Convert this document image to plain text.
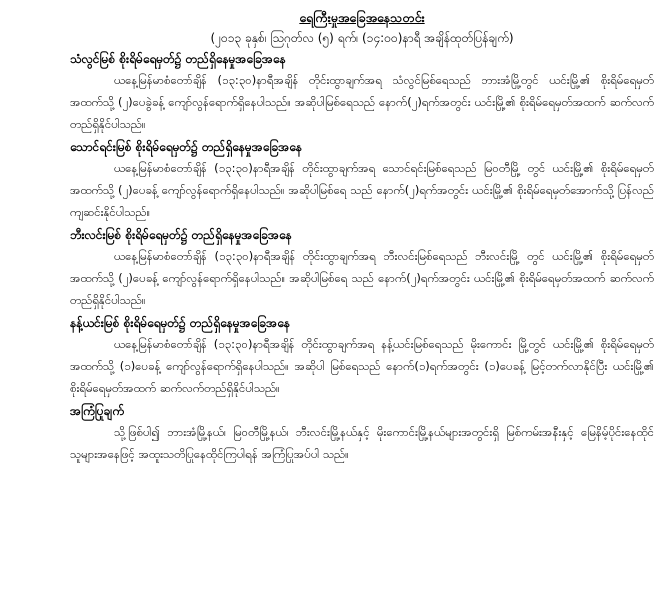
ရေကြီးမှုအခြေအနေသတင်း
(၂၀၁၃ ခုနှစ်၊ ဩဂုတ်လ (၅) ရက်၊ (၁၄:၀၀)နာရီ အချိန်ထုတ်ပြန်ချက်)
သံလွင်မြစ် စိုးရိမ်ရေမှတ်၌ တည်ရှိနေမှုအခြေအနေ
ယနေ့မြန်မာစံတော်ချိန် (၁၃:၃၀)နာရီအချိန် တိုင်းထွာချက်အရ သံလွင်မြစ်ရေသည် ဘားအံမြို့တွင် ယင်းမြို့၏ စိုးရိမ်ရေမှတ်အထက်သို့ (၂)ပေခွဲခန့် ကျော်လွန်ရောက်ရှိနေပါသည်။ အဆိုပါမြစ်ရေသည် နောက်(၂)ရက်အတွင်း ယင်းမြို့၏ စိုးရိမ်ရေမှတ်အထက် ဆက်လက်တည်ရှိနိုင်ပါသည်။
သောင်ရင်းမြစ် စိုးရိမ်ရေမှတ်၌ တည်ရှိနေမှုအခြေအနေ
ယနေ့မြန်မာစံတော်ချိန် (၁၃:၃၀)နာရီအချိန် တိုင်းထွာချက်အရ သောင်ရင်းမြစ်ရေသည် မြဝတီမြို့ တွင် ယင်းမြို့၏ စိုးရိမ်ရေမှတ်အထက်သို့ (၂)ပေခန့် ကျော်လွန်ရောက်ရှိနေပါသည်။ အဆိုပါမြစ်ရေ သည် နောက်(၂)ရက်အတွင်း ယင်းမြို့၏ စိုးရိမ်ရေမှတ်အောက်သို့ ပြန်လည်ကျဆင်းနိုင်ပါသည်။
ဘီးလင်းမြစ် စိုးရိမ်ရေမှတ်၌ တည်ရှိနေမှုအခြေအနေ
ယနေ့မြန်မာစံတော်ချိန် (၁၃:၃၀)နာရီအချိန် တိုင်းထွာချက်အရ ဘီးလင်းမြစ်ရေသည် ဘီးလင်းမြို့ တွင် ယင်းမြို့၏ စိုးရိမ်ရေမှတ်အထက်သို့ (၂)ပေခန့် ကျော်လွန်ရောက်ရှိနေပါသည်။ အဆိုပါမြစ်ရေ သည် နောက်(၂)ရက်အတွင်း ယင်းမြို့၏ စိုးရိမ်ရေမှတ်အထက် ဆက်လက်တည်ရှိနိုင်ပါသည်။
နန့်ယင်းမြစ် စိုးရိမ်ရေမှတ်၌ တည်ရှိနေမှုအခြေအနေ
ယနေ့မြန်မာစံတော်ချိန် (၁၃:၃၀)နာရီအချိန် တိုင်းထွာချက်အရ နန့်ယင်းမြစ်ရေသည် မိုးကောင်း မြို့တွင် ယင်းမြို့၏ စိုးရိမ်ရေမှတ်အထက်သို့ (၁)ပေခန့် ကျော်လွန်ရောက်ရှိနေပါသည်။ အဆိုပါ မြစ်ရေသည် နောက်(၁)ရက်အတွင်း (၁)ပေခန့် မြင့်တက်လာနိုင်ပြီး ယင်းမြို့၏ စိုးရိမ်ရေမှတ်အထက် ဆက်လက်တည်ရှိနိုင်ပါသည်။
အကြံပြုချက်
သို့ဖြစ်ပါ၍ ဘားအံမြို့နယ်၊ မြဝတီမြို့နယ်၊ ဘီးလင်းမြို့နယ်နှင့် မိုးကောင်းမြို့နယ်များအတွင်းရှိ မြစ်ကမ်းအနီးနှင့် မြေနိမ့်ပိုင်းနေထိုင်သူများအနေဖြင့် အထူးသတိပြုနေထိုင်ကြပါရန် အကြံပြုအပ်ပါ သည်။
